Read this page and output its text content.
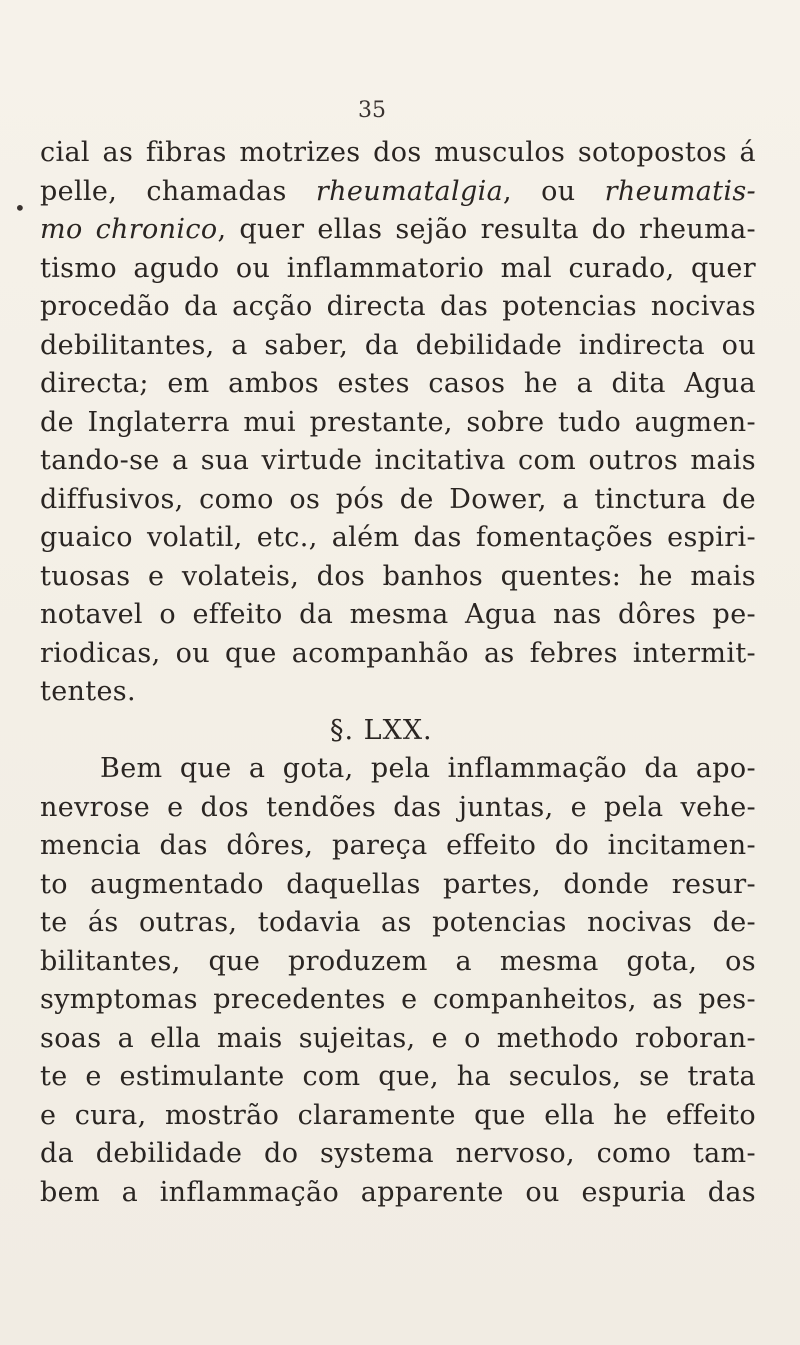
35
•
cial as fibras motrizes dos musculos sotopostos á
pelle, chamadas rheumatalgia, ou rheumatis-
mo chronico, quer ellas sejão resulta do rheuma-
tismo agudo ou inflammatorio mal curado, quer
procedão da acção directa das potencias nocivas
debilitantes, a saber, da debilidade indirecta ou
directa; em ambos estes casos he a dita Agua
de Inglaterra mui prestante, sobre tudo augmen-
tando-se a sua virtude incitativa com outros mais
diffusivos, como os pós de Dower, a tinctura de
guaico volatil, etc., além das fomentações espiri-
tuosas e volateis, dos banhos quentes: he mais
notavel o effeito da mesma Agua nas dôres pe-
riodicas, ou que acompanhão as febres intermit-
tentes.
§. LXX.
Bem que a gota, pela inflammação da apo-
nevrose e dos tendões das juntas, e pela vehe-
mencia das dôres, pareça effeito do incitamen-
to augmentado daquellas partes, donde resur-
te ás outras, todavia as potencias nocivas de-
bilitantes, que produzem a mesma gota, os
symptomas precedentes e companheitos, as pes-
soas a ella mais sujeitas, e o methodo roboran-
te e estimulante com que, ha seculos, se trata
e cura, mostrão claramente que ella he effeito
da debilidade do systema nervoso, como tam-
bem a inflammação apparente ou espuria das
